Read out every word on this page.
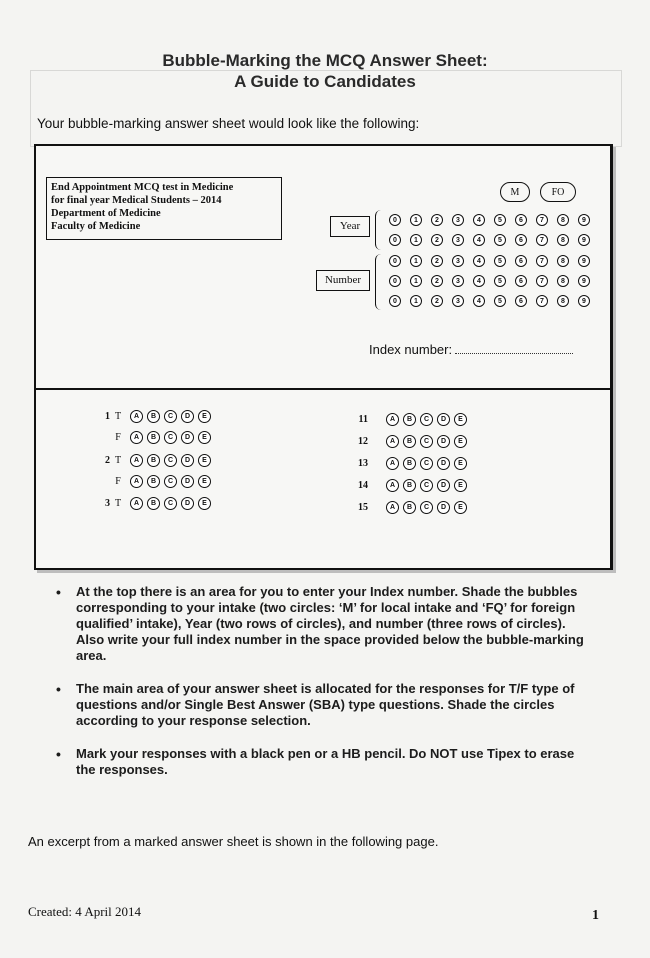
Bubble-Marking the MCQ Answer Sheet:
A Guide to Candidates
Your bubble-marking answer sheet would look like the following:
End Appointment MCQ test in Medicine
for final year Medical Students – 2014
Department of Medicine
Faculty of Medicine
M	FO
Year	0	1	2	3	4	5	6	7	8	9
0	1	2	3	4	5	6	7	8	9
Number
0	1	2	3	4	5	6	7	8	9
0	1	2	3	4	5	6	7	8	9
0	1	2	3	4	5	6	7	8	9
Index number:
1 T	A	B	C	D	E
F	A	B	C	D	E
2 T	A	B	C	D	E
F	A	B	C	D	E
3 T	A	B	C	D	E
11	A	B	C	D	E
12	A	B	C	D	E
13	A	B	C	D	E
14	A	B	C	D	E
15	A	B	C	D	E
• At the top there is an area for you to enter your Index number. Shade the bubbles corresponding to your intake (two circles: ‘M’ for local intake and ‘FQ’ for foreign qualified’ intake), Year (two rows of circles), and number (three rows of circles). Also write your full index number in the space provided below the bubble-marking area.
• The main area of your answer sheet is allocated for the responses for T/F type of questions and/or Single Best Answer (SBA) type questions. Shade the circles according to your response selection.
• Mark your responses with a black pen or a HB pencil. Do NOT use Tipex to erase the responses.
An excerpt from a marked answer sheet is shown in the following page.
Created: 4 April 2014	1
